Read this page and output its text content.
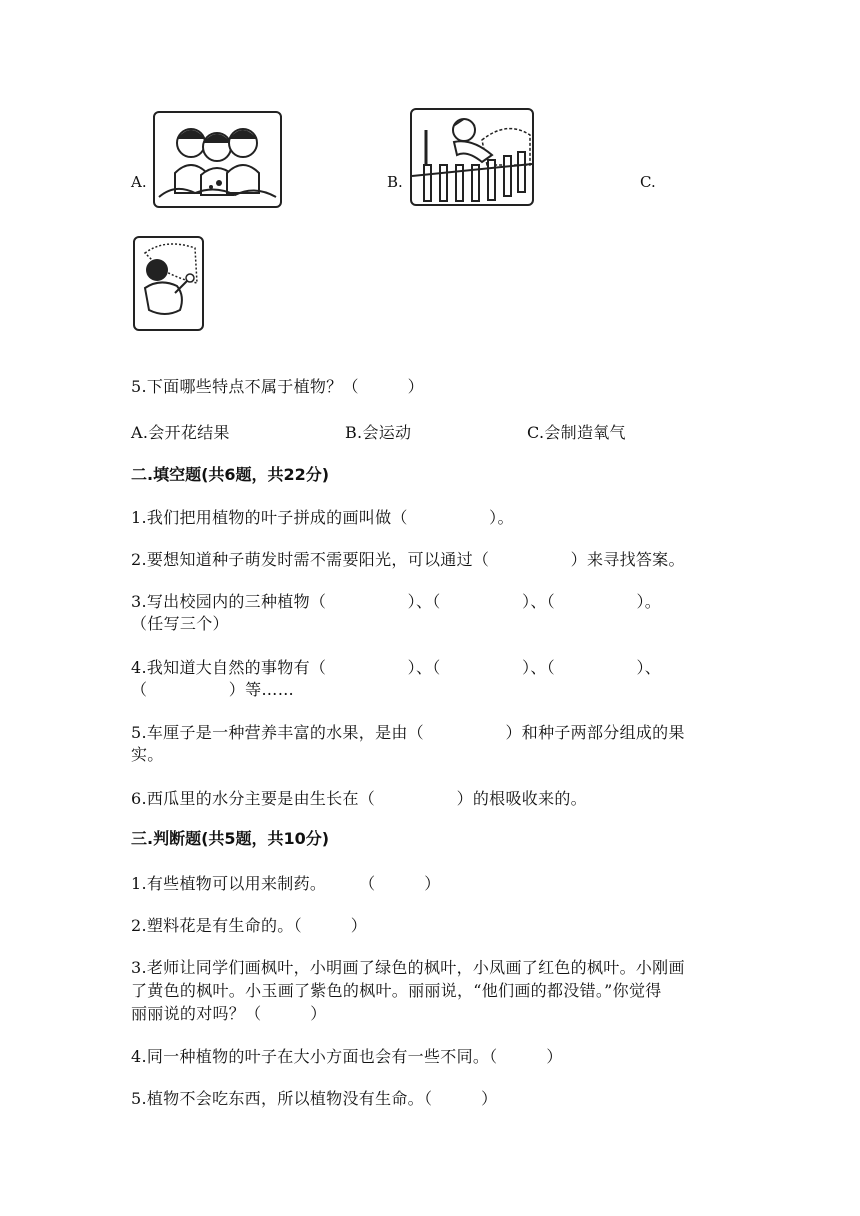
A.	B.	C.
5.下面哪些特点不属于植物？（　　　）
A.会开花结果	B.会运动	C.会制造氧气
二.填空题(共6题，共22分)
1.我们把用植物的叶子拼成的画叫做（　　　　　）。
2.要想知道种子萌发时需不需要阳光，可以通过（　　　　　）来寻找答案。
3.写出校园内的三种植物（　　　　　）、（　　　　　）、（　　　　　）。
（任写三个）
4.我知道大自然的事物有（　　　　　）、（　　　　　）、（　　　　　）、
（　　　　　）等……
5.车厘子是一种营养丰富的水果，是由（　　　　　）和种子两部分组成的果
实。
6.西瓜里的水分主要是由生长在（　　　　　）的根吸收来的。
三.判断题(共5题，共10分)
1.有些植物可以用来制药。　　　（　　　）
2.塑料花是有生命的。（　　　）
3.老师让同学们画枫叶，小明画了绿色的枫叶，小凤画了红色的枫叶。小刚画
了黄色的枫叶。小玉画了紫色的枫叶。丽丽说，“他们画的都没错。”你觉得
丽丽说的对吗？（　　　）
4.同一种植物的叶子在大小方面也会有一些不同。（　　　）
5.植物不会吃东西，所以植物没有生命。（　　　）
